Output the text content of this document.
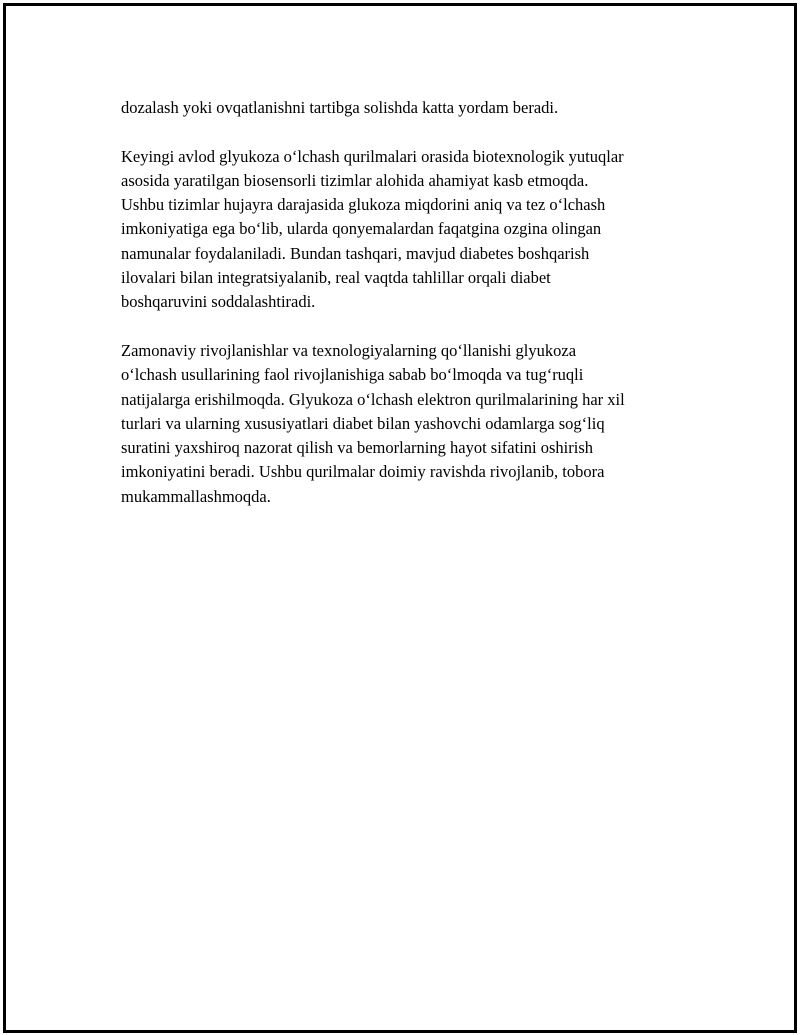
dozalash yoki ovqatlanishni tartibga solishda katta yordam beradi.

Keyingi avlod glyukoza o‘lchash qurilmalari orasida biotexnologik yutuqlar
asosida yaratilgan biosensorli tizimlar alohida ahamiyat kasb etmoqda.
Ushbu tizimlar hujayra darajasida glukoza miqdorini aniq va tez o‘lchash
imkoniyatiga ega bo‘lib, ularda qonyemalardan faqatgina ozgina olingan
namunalar foydalaniladi. Bundan tashqari, mavjud diabetes boshqarish
ilovalari bilan integratsiyalanib, real vaqtda tahlillar orqali diabet
boshqaruvini soddalashtiradi.

Zamonaviy rivojlanishlar va texnologiyalarning qo‘llanishi glyukoza
o‘lchash usullarining faol rivojlanishiga sabab bo‘lmoqda va tug‘ruqli
natijalarga erishilmoqda. Glyukoza o‘lchash elektron qurilmalarining har xil
turlari va ularning xususiyatlari diabet bilan yashovchi odamlarga sog‘liq
suratini yaxshiroq nazorat qilish va bemorlarning hayot sifatini oshirish
imkoniyatini beradi. Ushbu qurilmalar doimiy ravishda rivojlanib, tobora
mukammallashmoqda.
